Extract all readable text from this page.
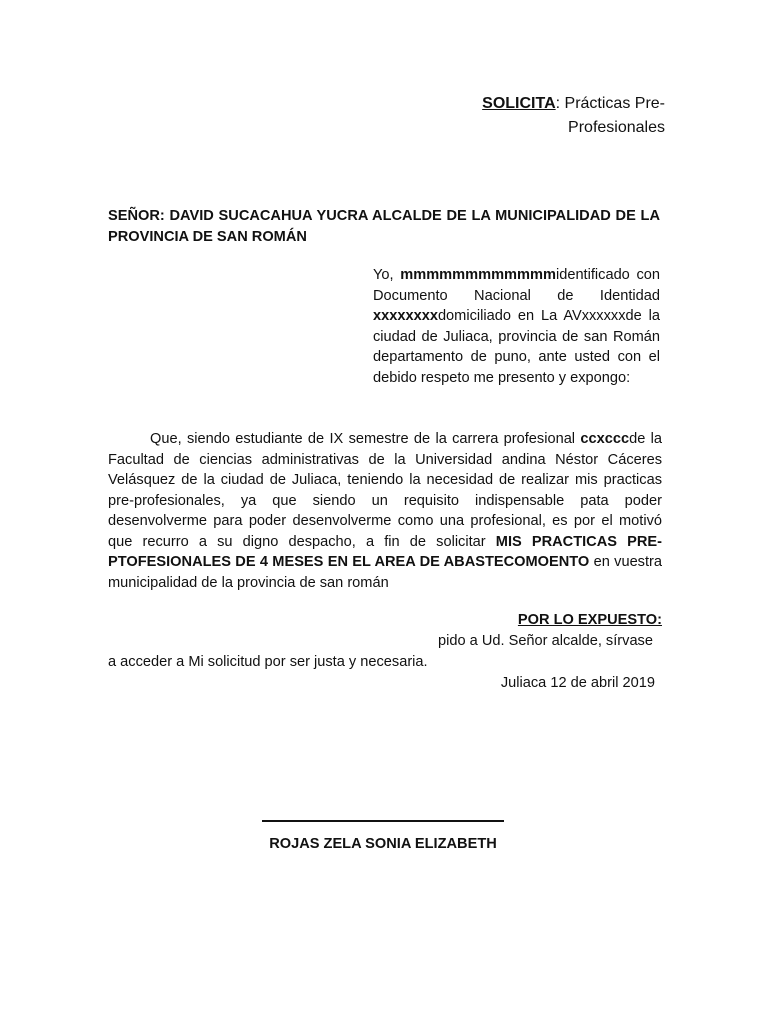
SOLICITA: Prácticas Pre-Profesionales
SEÑOR: DAVID SUCACAHUA YUCRA ALCALDE DE LA MUNICIPALIDAD DE LA PROVINCIA DE SAN ROMÁN
Yo, mmmmmmmmmmmmidentificado con Documento Nacional de Identidad xxxxxxxxdomiciliado en La AVxxxxxxde la ciudad de Juliaca, provincia de san Román departamento de puno, ante usted con el debido respeto me presento y expongo:
Que, siendo estudiante de IX semestre de la carrera profesional ccxcccde la Facultad de ciencias administrativas de la Universidad andina Néstor Cáceres Velásquez de la ciudad de Juliaca, teniendo la necesidad de realizar mis practicas pre-profesionales, ya que siendo un requisito indispensable pata poder desenvolverme para poder desenvolverme como una profesional, es por el motivó que recurro a su digno despacho, a fin de solicitar MIS PRACTICAS PRE-PTOFESIONALES DE 4 MESES EN EL AREA DE ABASTECOMOENTO en vuestra municipalidad de la provincia de san román
POR LO EXPUESTO:
pido a Ud. Señor alcalde, sírvase
a acceder a Mi solicitud por ser justa y necesaria.
Juliaca 12 de abril 2019
ROJAS ZELA SONIA ELIZABETH
